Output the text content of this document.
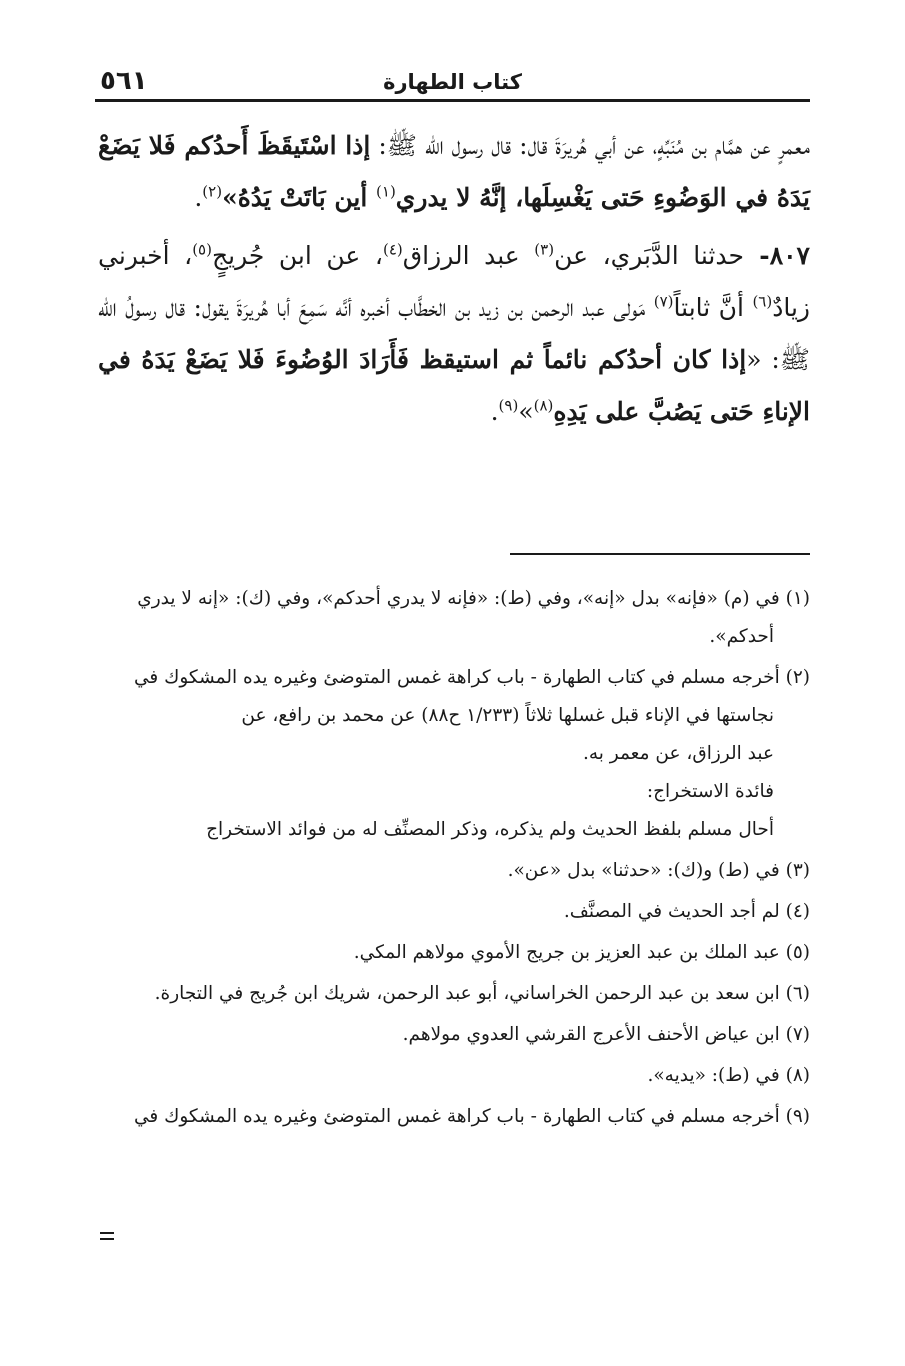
كتاب الطهارة
٥٦١

معمرٍ عن همَّام بن مُنَبِّهٍ، عن أبي هُريرَةَ قال: قال رسول الله ﷺ: إذا اسْتَيقَظَ أَحدُكم فَلا يَضَعْ يَدَهُ في الوَضُوءِ حَتى يَغْسِلَها، إنَّهُ لا يدري$^{(١)}$ أين بَاتَتْ يَدُهُ»$^{(٢)}$.

٨٠٧- حدثنا الدَّبَري، عن$^{(٣)}$ عبد الرزاق$^{(٤)}$، عن ابن جُريجٍ$^{(٥)}$، أخبرني زيادٌ$^{(٦)}$ أنَّ ثابتاً$^{(٧)}$ مَولى عبد الرحمن بن زيد بن الخطَّاب أخبره أنَّه سَمِعَ أبا هُريرَةَ يقول: قال رسولُ الله ﷺ: «إذا كان أحدُكم نائماً ثم استيقظ فَأَرَادَ الوُضُوءَ فَلا يَضَعْ يَدَهُ في الإناءِ حَتى يَصُبَّ على يَدِهِ$^{(٨)}$»$^{(٩)}$.

(١) في (م) «فإنه» بدل «إنه»، وفي (ط): «فإنه لا يدري أحدكم»، وفي (ك): «إنه لا يدري

أحدكم».

(٢) أخرجه مسلم في كتاب الطهارة - باب كراهة غمس المتوضئ وغيره يده المشكوك في

نجاستها في الإناء قبل غسلها ثلاثاً (١/٢٣٣ ح٨٨) عن محمد بن رافع، عن

عبد الرزاق، عن معمر به.

فائدة الاستخراج:

أحال مسلم بلفظ الحديث ولم يذكره، وذكر المصنِّف له من فوائد الاستخراج

(٣) في (ط) و(ك): «حدثنا» بدل «عن».

(٤) لم أجد الحديث في المصنَّف.

(٥) عبد الملك بن عبد العزيز بن جريج الأموي مولاهم المكي.

(٦) ابن سعد بن عبد الرحمن الخراساني، أبو عبد الرحمن، شريك ابن جُريج في التجارة.

(٧) ابن عياض الأحنف الأعرج القرشي العدوي مولاهم.

(٨) في (ط): «يديه».

(٩) أخرجه مسلم في كتاب الطهارة - باب كراهة غمس المتوضئ وغيره يده المشكوك في
